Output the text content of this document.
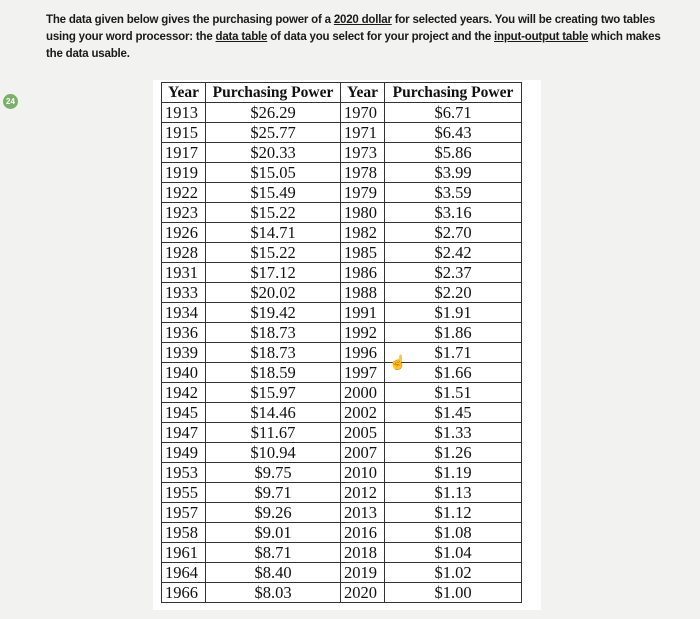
The data given below gives the purchasing power of a 2020 dollar for selected years. You will be creating two tables using your word processor: the data table of data you select for your project and the input-output table which makes the data usable.

24
Year	Purchasing Power	Year	Purchasing Power
1913	$26.29	1970	$6.71
1915	$25.77	1971	$6.43
1917	$20.33	1973	$5.86
1919	$15.05	1978	$3.99
1922	$15.49	1979	$3.59
1923	$15.22	1980	$3.16
1926	$14.71	1982	$2.70
1928	$15.22	1985	$2.42
1931	$17.12	1986	$2.37
1933	$20.02	1988	$2.20
1934	$19.42	1991	$1.91
1936	$18.73	1992	$1.86
1939	$18.73	1996	$1.71
1940	$18.59	1997	$1.66
1942	$15.97	2000	$1.51
1945	$14.46	2002	$1.45
1947	$11.67	2005	$1.33
1949	$10.94	2007	$1.26
1953	$9.75	2010	$1.19
1955	$9.71	2012	$1.13
1957	$9.26	2013	$1.12
1958	$9.01	2016	$1.08
1961	$8.71	2018	$1.04
1964	$8.40	2019	$1.02
1966	$8.03	2020	$1.00
☝
